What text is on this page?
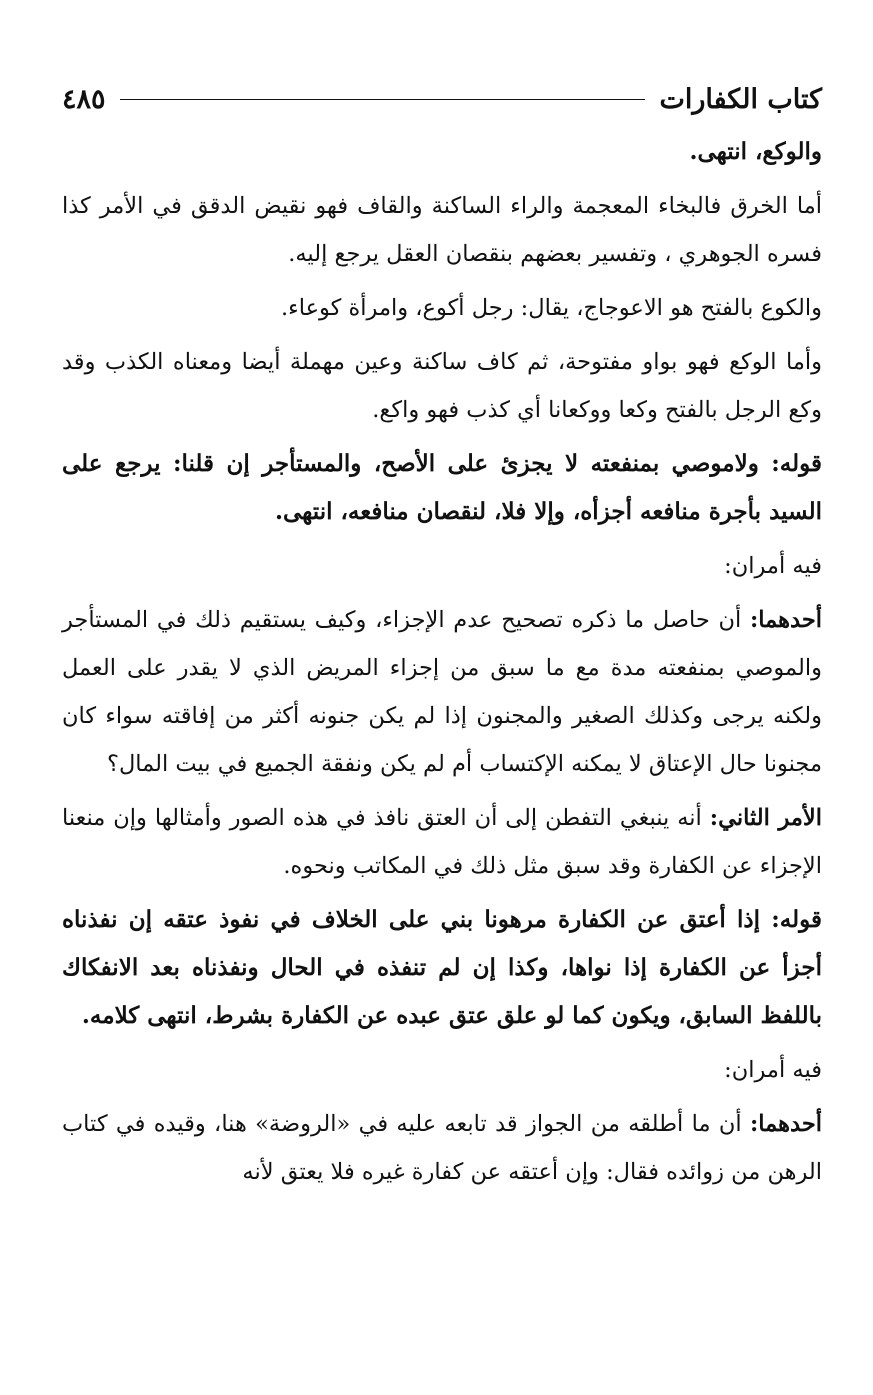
كتاب الكفارات
٤٨٥

والوكع، انتهى.

أما الخرق فالبخاء المعجمة والراء الساكنة والقاف فهو نقيض الدقق في الأمر كذا فسره الجوهري ، وتفسير بعضهم بنقصان العقل يرجع إليه.

والكوع بالفتح هو الاعوجاج، يقال: رجل أكوع، وامرأة كوعاء.

وأما الوكع فهو بواو مفتوحة، ثم كاف ساكنة وعين مهملة أيضا ومعناه الكذب وقد وكع الرجل بالفتح وكعا ووكعانا أي كذب فهو واكع.

قوله: ولاموصي بمنفعته لا يجزئ على الأصح، والمستأجر إن قلنا: يرجع على السيد بأجرة منافعه أجزأه، وإلا فلا، لنقصان منافعه، انتهى.

فيه أمران:

أحدهما: أن حاصل ما ذكره تصحيح عدم الإجزاء، وكيف يستقيم ذلك في المستأجر والموصي بمنفعته مدة مع ما سبق من إجزاء المريض الذي لا يقدر على العمل ولكنه يرجى وكذلك الصغير والمجنون إذا لم يكن جنونه أكثر من إفاقته سواء كان مجنونا حال الإعتاق لا يمكنه الإكتساب أم لم يكن ونفقة الجميع في بيت المال؟

الأمر الثاني: أنه ينبغي التفطن إلى أن العتق نافذ في هذه الصور وأمثالها وإن منعنا الإجزاء عن الكفارة وقد سبق مثل ذلك في المكاتب ونحوه.

قوله: إذا أعتق عن الكفارة مرهونا بني على الخلاف في نفوذ عتقه إن نفذناه أجزأ عن الكفارة إذا نواها، وكذا إن لم تنفذه في الحال ونفذناه بعد الانفكاك باللفظ السابق، ويكون كما لو علق عتق عبده عن الكفارة بشرط، انتهى كلامه.

فيه أمران:

أحدهما: أن ما أطلقه من الجواز قد تابعه عليه في «الروضة» هنا، وقيده في كتاب الرهن من زوائده فقال: وإن أعتقه عن كفارة غيره فلا يعتق لأنه
